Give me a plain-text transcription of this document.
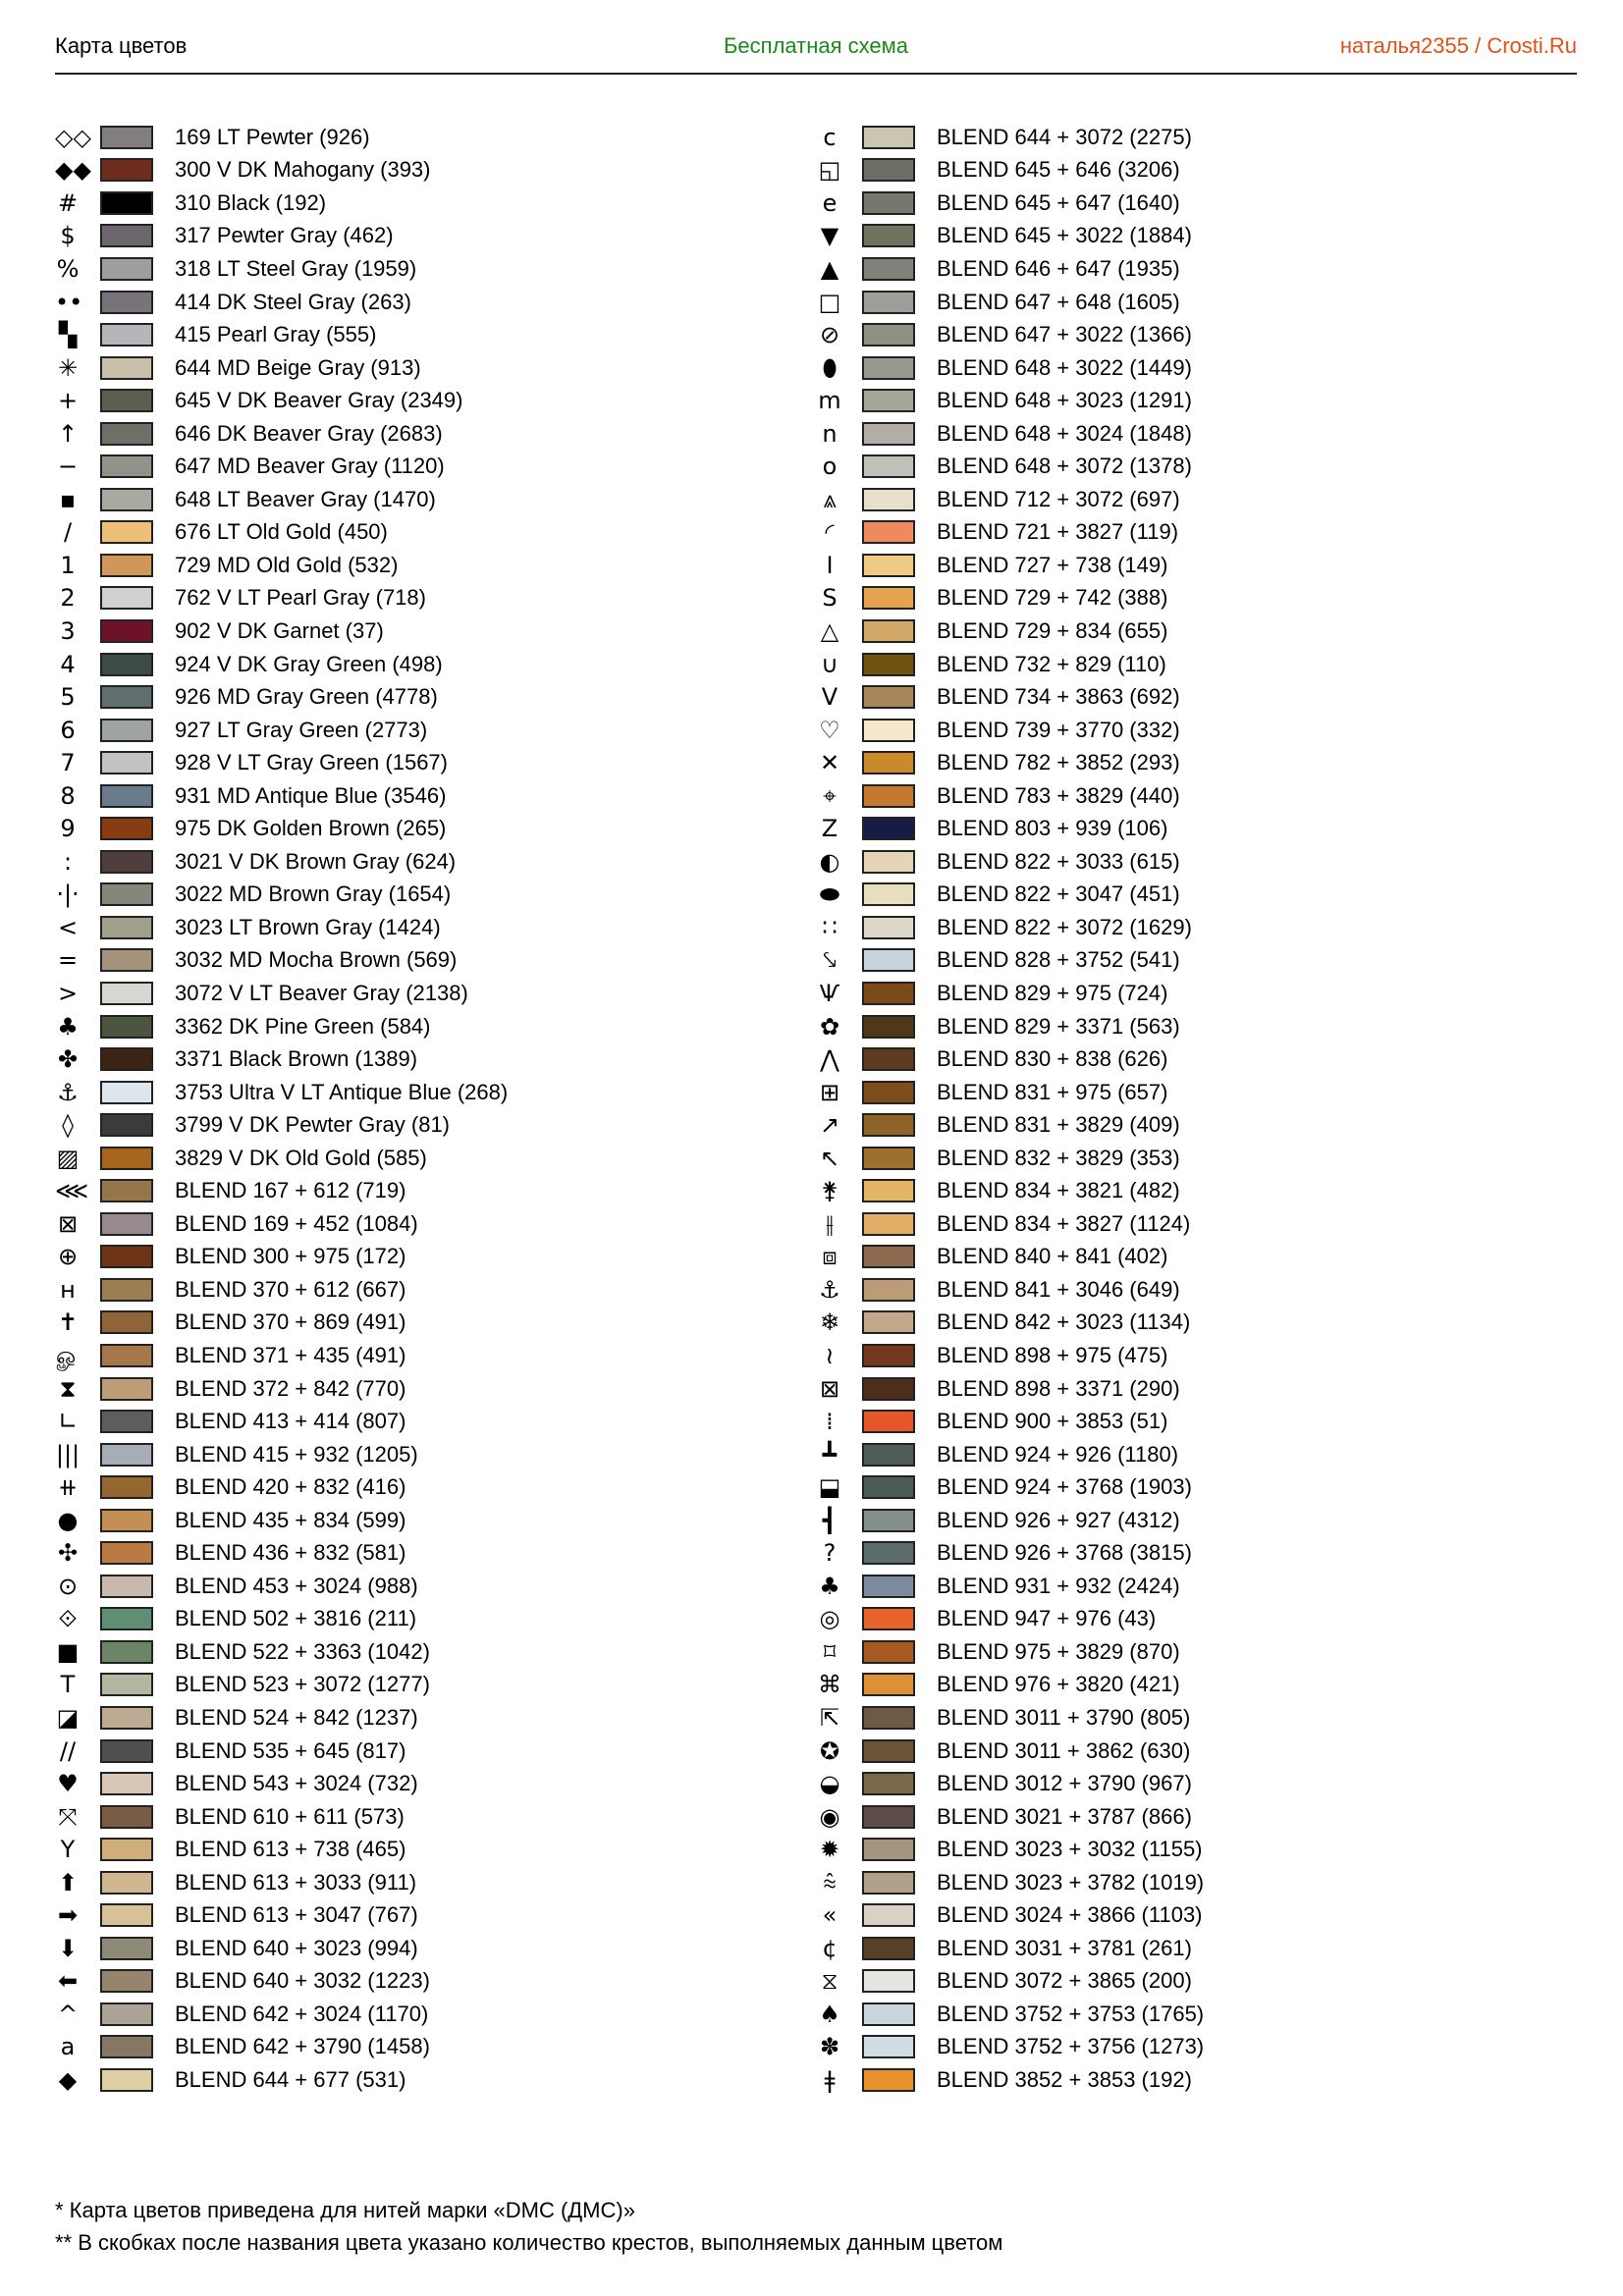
Карта цветов	Бесплатная схема	наталья2355 / Crosti.Ru
◇◇	169 LT Pewter (926)
◆◆	300 V DK Mahogany (393)
#	310 Black (192)
$	317 Pewter Gray (462)
%	318 LT Steel Gray (1959)
••	414 DK Steel Gray (263)
▚	415 Pearl Gray (555)
✳	644 MD Beige Gray (913)
+	645 V DK Beaver Gray (2349)
↑	646 DK Beaver Gray (2683)
−	647 MD Beaver Gray (1120)
▪	648 LT Beaver Gray (1470)
/	676 LT Old Gold (450)
1	729 MD Old Gold (532)
2	762 V LT Pearl Gray (718)
3	902 V DK Garnet (37)
4	924 V DK Gray Green (498)
5	926 MD Gray Green (4778)
6	927 LT Gray Green (2773)
7	928 V LT Gray Green (1567)
8	931 MD Antique Blue (3546)
9	975 DK Golden Brown (265)
:	3021 V DK Brown Gray (624)
·|·	3022 MD Brown Gray (1654)
<	3023 LT Brown Gray (1424)
=	3032 MD Mocha Brown (569)
>	3072 V LT Beaver Gray (2138)
♣	3362 DK Pine Green (584)
✤	3371 Black Brown (1389)
⚓	3753 Ultra V LT Antique Blue (268)
◊	3799 V DK Pewter Gray (81)
▨	3829 V DK Old Gold (585)
⋘	BLEND 167 + 612 (719)
⊠	BLEND 169 + 452 (1084)
⊕	BLEND 300 + 975 (172)
н	BLEND 370 + 612 (667)
✝	BLEND 370 + 869 (491)
ௐ	BLEND 371 + 435 (491)
⧗	BLEND 372 + 842 (770)
∟	BLEND 413 + 414 (807)
|||	BLEND 415 + 932 (1205)
⧺	BLEND 420 + 832 (416)
●	BLEND 435 + 834 (599)
✣	BLEND 436 + 832 (581)
⊙	BLEND 453 + 3024 (988)
⟐	BLEND 502 + 3816 (211)
■	BLEND 522 + 3363 (1042)
T	BLEND 523 + 3072 (1277)
◪	BLEND 524 + 842 (1237)
//	BLEND 535 + 645 (817)
♥	BLEND 543 + 3024 (732)
⤧	BLEND 610 + 611 (573)
Y	BLEND 613 + 738 (465)
⬆	BLEND 613 + 3033 (911)
➡	BLEND 613 + 3047 (767)
⬇	BLEND 640 + 3023 (994)
⬅	BLEND 640 + 3032 (1223)
^	BLEND 642 + 3024 (1170)
a	BLEND 642 + 3790 (1458)
◆	BLEND 644 + 677 (531)
c	BLEND 644 + 3072 (2275)
◱	BLEND 645 + 646 (3206)
e	BLEND 645 + 647 (1640)
▼	BLEND 645 + 3022 (1884)
▲	BLEND 646 + 647 (1935)
□	BLEND 647 + 648 (1605)
⊘	BLEND 647 + 3022 (1366)
⬮	BLEND 648 + 3022 (1449)
m	BLEND 648 + 3023 (1291)
n	BLEND 648 + 3024 (1848)
o	BLEND 648 + 3072 (1378)
⩓	BLEND 712 + 3072 (697)
◜	BLEND 721 + 3827 (119)
I	BLEND 727 + 738 (149)
S	BLEND 729 + 742 (388)
△	BLEND 729 + 834 (655)
∪	BLEND 732 + 829 (110)
V	BLEND 734 + 3863 (692)
♡	BLEND 739 + 3770 (332)
✕	BLEND 782 + 3852 (293)
⌖	BLEND 783 + 3829 (440)
Z	BLEND 803 + 939 (106)
◐	BLEND 822 + 3033 (615)
⬬	BLEND 822 + 3047 (451)
∷	BLEND 822 + 3072 (1629)
⤥	BLEND 828 + 3752 (541)
Ѱ	BLEND 829 + 975 (724)
✿	BLEND 829 + 3371 (563)
⋀	BLEND 830 + 838 (626)
⊞	BLEND 831 + 975 (657)
↗	BLEND 831 + 3829 (409)
↖	BLEND 832 + 3829 (353)
⚵	BLEND 834 + 3821 (482)
⫲	BLEND 834 + 3827 (1124)
⧈	BLEND 840 + 841 (402)
⚓	BLEND 841 + 3046 (649)
❄	BLEND 842 + 3023 (1134)
≀	BLEND 898 + 975 (475)
⊠	BLEND 898 + 3371 (290)
⁞	BLEND 900 + 3853 (51)
┻	BLEND 924 + 926 (1180)
⬓	BLEND 924 + 3768 (1903)
┫	BLEND 926 + 927 (4312)
?	BLEND 926 + 3768 (3815)
♣	BLEND 931 + 932 (2424)
◎	BLEND 947 + 976 (43)
⌑	BLEND 975 + 3829 (870)
⌘	BLEND 976 + 3820 (421)
⇱	BLEND 3011 + 3790 (805)
✪	BLEND 3011 + 3862 (630)
◒	BLEND 3012 + 3790 (967)
◉	BLEND 3021 + 3787 (866)
✹	BLEND 3023 + 3032 (1155)
⩯	BLEND 3023 + 3782 (1019)
«	BLEND 3024 + 3866 (1103)
¢	BLEND 3031 + 3781 (261)
⧖	BLEND 3072 + 3865 (200)
♠	BLEND 3752 + 3753 (1765)
✽	BLEND 3752 + 3756 (1273)
ǂ	BLEND 3852 + 3853 (192)
* Карта цветов приведена для нитей марки «DMC (ДМС)»
** В скобках после названия цвета указано количество крестов, выполняемых данным цветом
